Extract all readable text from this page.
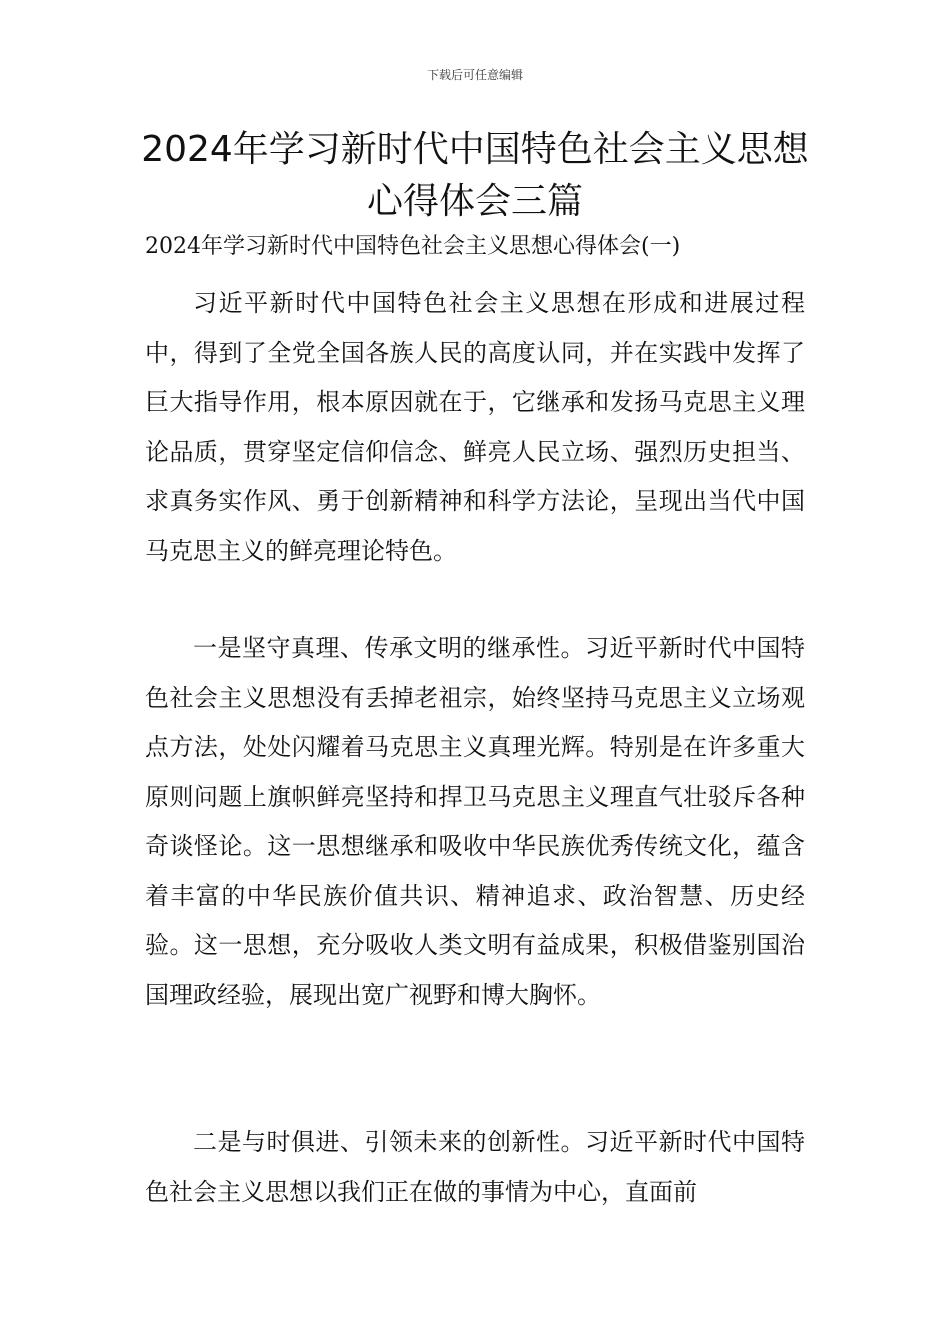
下载后可任意编辑
2024年学习新时代中国特色社会主义思想心得体会三篇
2024年学习新时代中国特色社会主义思想心得体会(一)

习近平新时代中国特色社会主义思想在形成和进展过程中，得到了全党全国各族人民的高度认同，并在实践中发挥了巨大指导作用，根本原因就在于，它继承和发扬马克思主义理论品质，贯穿坚定信仰信念、鲜亮人民立场、强烈历史担当、求真务实作风、勇于创新精神和科学方法论，呈现出当代中国马克思主义的鲜亮理论特色。

一是坚守真理、传承文明的继承性。习近平新时代中国特色社会主义思想没有丢掉老祖宗，始终坚持马克思主义立场观点方法，处处闪耀着马克思主义真理光辉。特别是在许多重大原则问题上旗帜鲜亮坚持和捍卫马克思主义理直气壮驳斥各种奇谈怪论。这一思想继承和吸收中华民族优秀传统文化，蕴含着丰富的中华民族价值共识、精神追求、政治智慧、历史经验。这一思想，充分吸收人类文明有益成果，积极借鉴别国治国理政经验，展现出宽广视野和博大胸怀。

二是与时俱进、引领未来的创新性。习近平新时代中国特色社会主义思想以我们正在做的事情为中心，直面前
